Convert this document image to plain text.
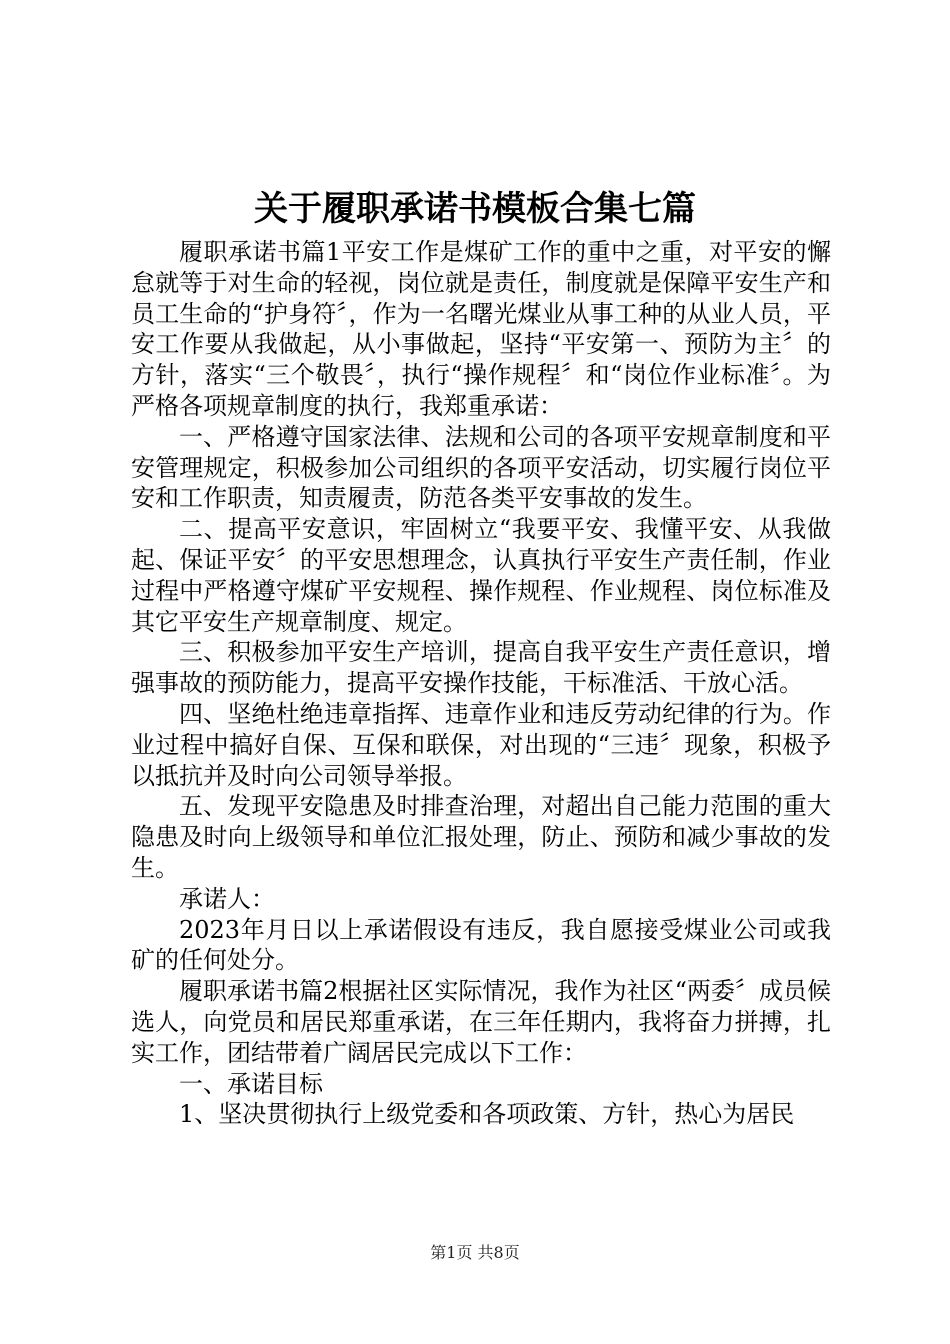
关于履职承诺书模板合集七篇

履职承诺书篇1平安工作是煤矿工作的重中之重，对平安的懈怠就等于对生命的轻视，岗位就是责任，制度就是保障平安生产和员工生命的“护身符〞，作为一名曙光煤业从事工种的从业人员，平安工作要从我做起，从小事做起，坚持“平安第一、预防为主〞的方针，落实“三个敬畏〞，执行“操作规程〞和“岗位作业标准〞。为严格各项规章制度的执行，我郑重承诺：

一、严格遵守国家法律、法规和公司的各项平安规章制度和平安管理规定，积极参加公司组织的各项平安活动，切实履行岗位平安和工作职责，知责履责，防范各类平安事故的发生。

二、提高平安意识，牢固树立“我要平安、我懂平安、从我做起、保证平安〞的平安思想理念，认真执行平安生产责任制，作业过程中严格遵守煤矿平安规程、操作规程、作业规程、岗位标准及其它平安生产规章制度、规定。

三、积极参加平安生产培训，提高自我平安生产责任意识，增强事故的预防能力，提高平安操作技能，干标准活、干放心活。

四、坚绝杜绝违章指挥、违章作业和违反劳动纪律的行为。作业过程中搞好自保、互保和联保，对出现的“三违〞现象，积极予以抵抗并及时向公司领导举报。

五、发现平安隐患及时排查治理，对超出自己能力范围的重大隐患及时向上级领导和单位汇报处理，防止、预防和减少事故的发生。

承诺人：

2023年月日以上承诺假设有违反，我自愿接受煤业公司或我矿的任何处分。

履职承诺书篇2根据社区实际情况，我作为社区“两委〞成员候选人，向党员和居民郑重承诺，在三年任期内，我将奋力拼搏，扎实工作，团结带着广阔居民完成以下工作：

一、承诺目标

1、坚决贯彻执行上级党委和各项政策、方针，热心为居民

第1页 共8页
